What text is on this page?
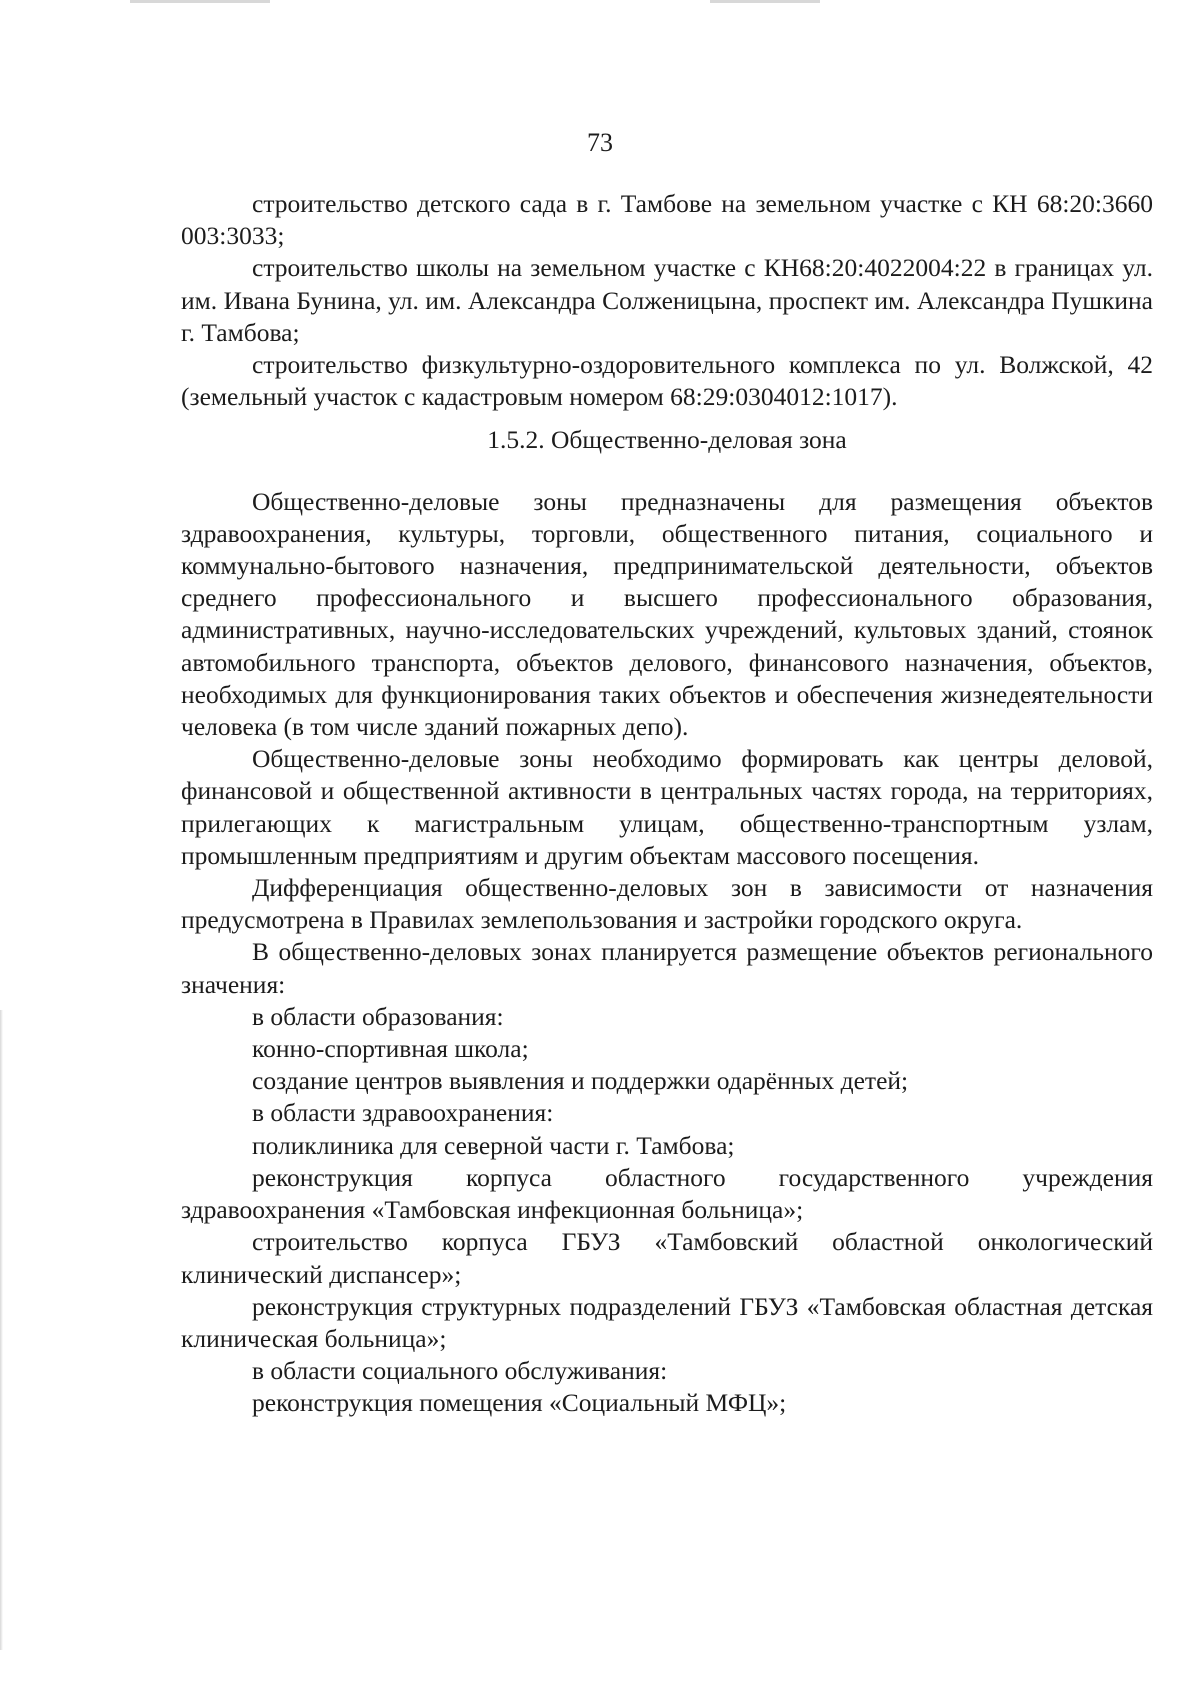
73

строительство детского сада в г. Тамбове на земельном участке с КН 68:20:3660 003:3033;

строительство школы на земельном участке с КН68:20:4022004:22 в границах ул. им. Ивана Бунина, ул. им. Александра Солженицына, проспект им. Александра Пушкина г. Тамбова;

строительство физкультурно-оздоровительного комплекса по ул. Волжской, 42 (земельный участок с кадастровым номером 68:29:0304012:1017).

1.5.2. Общественно-деловая зона

Общественно-деловые зоны предназначены для размещения объектов здравоохранения, культуры, торговли, общественного питания, социального и коммунально-бытового назначения, предпринимательской деятельности, объектов среднего профессионального и высшего профессионального образования, административных, научно-исследовательских учреждений, культовых зданий, стоянок автомобильного транспорта, объектов делового, финансового назначения, объектов, необходимых для функционирования таких объектов и обеспечения жизнедеятельности человека (в том числе зданий пожарных депо).

Общественно-деловые зоны необходимо формировать как центры деловой, финансовой и общественной активности в центральных частях города, на территориях, прилегающих к магистральным улицам, общественно-транспортным узлам, промышленным предприятиям и другим объектам массового посещения.

Дифференциация общественно-деловых зон в зависимости от назначения предусмотрена в Правилах землепользования и застройки городского округа.

В общественно-деловых зонах планируется размещение объектов регионального значения:

в области образования:

конно-спортивная школа;

создание центров выявления и поддержки одарённых детей;

в области здравоохранения:

поликлиника для северной части г. Тамбова;

реконструкция корпуса областного государственного учреждения здравоохранения «Тамбовская инфекционная больница»;

строительство корпуса ГБУЗ «Тамбовский областной онкологический клинический диспансер»;

реконструкция структурных подразделений ГБУЗ «Тамбовская областная детская клиническая больница»;

в области социального обслуживания:

реконструкция помещения «Социальный МФЦ»;
